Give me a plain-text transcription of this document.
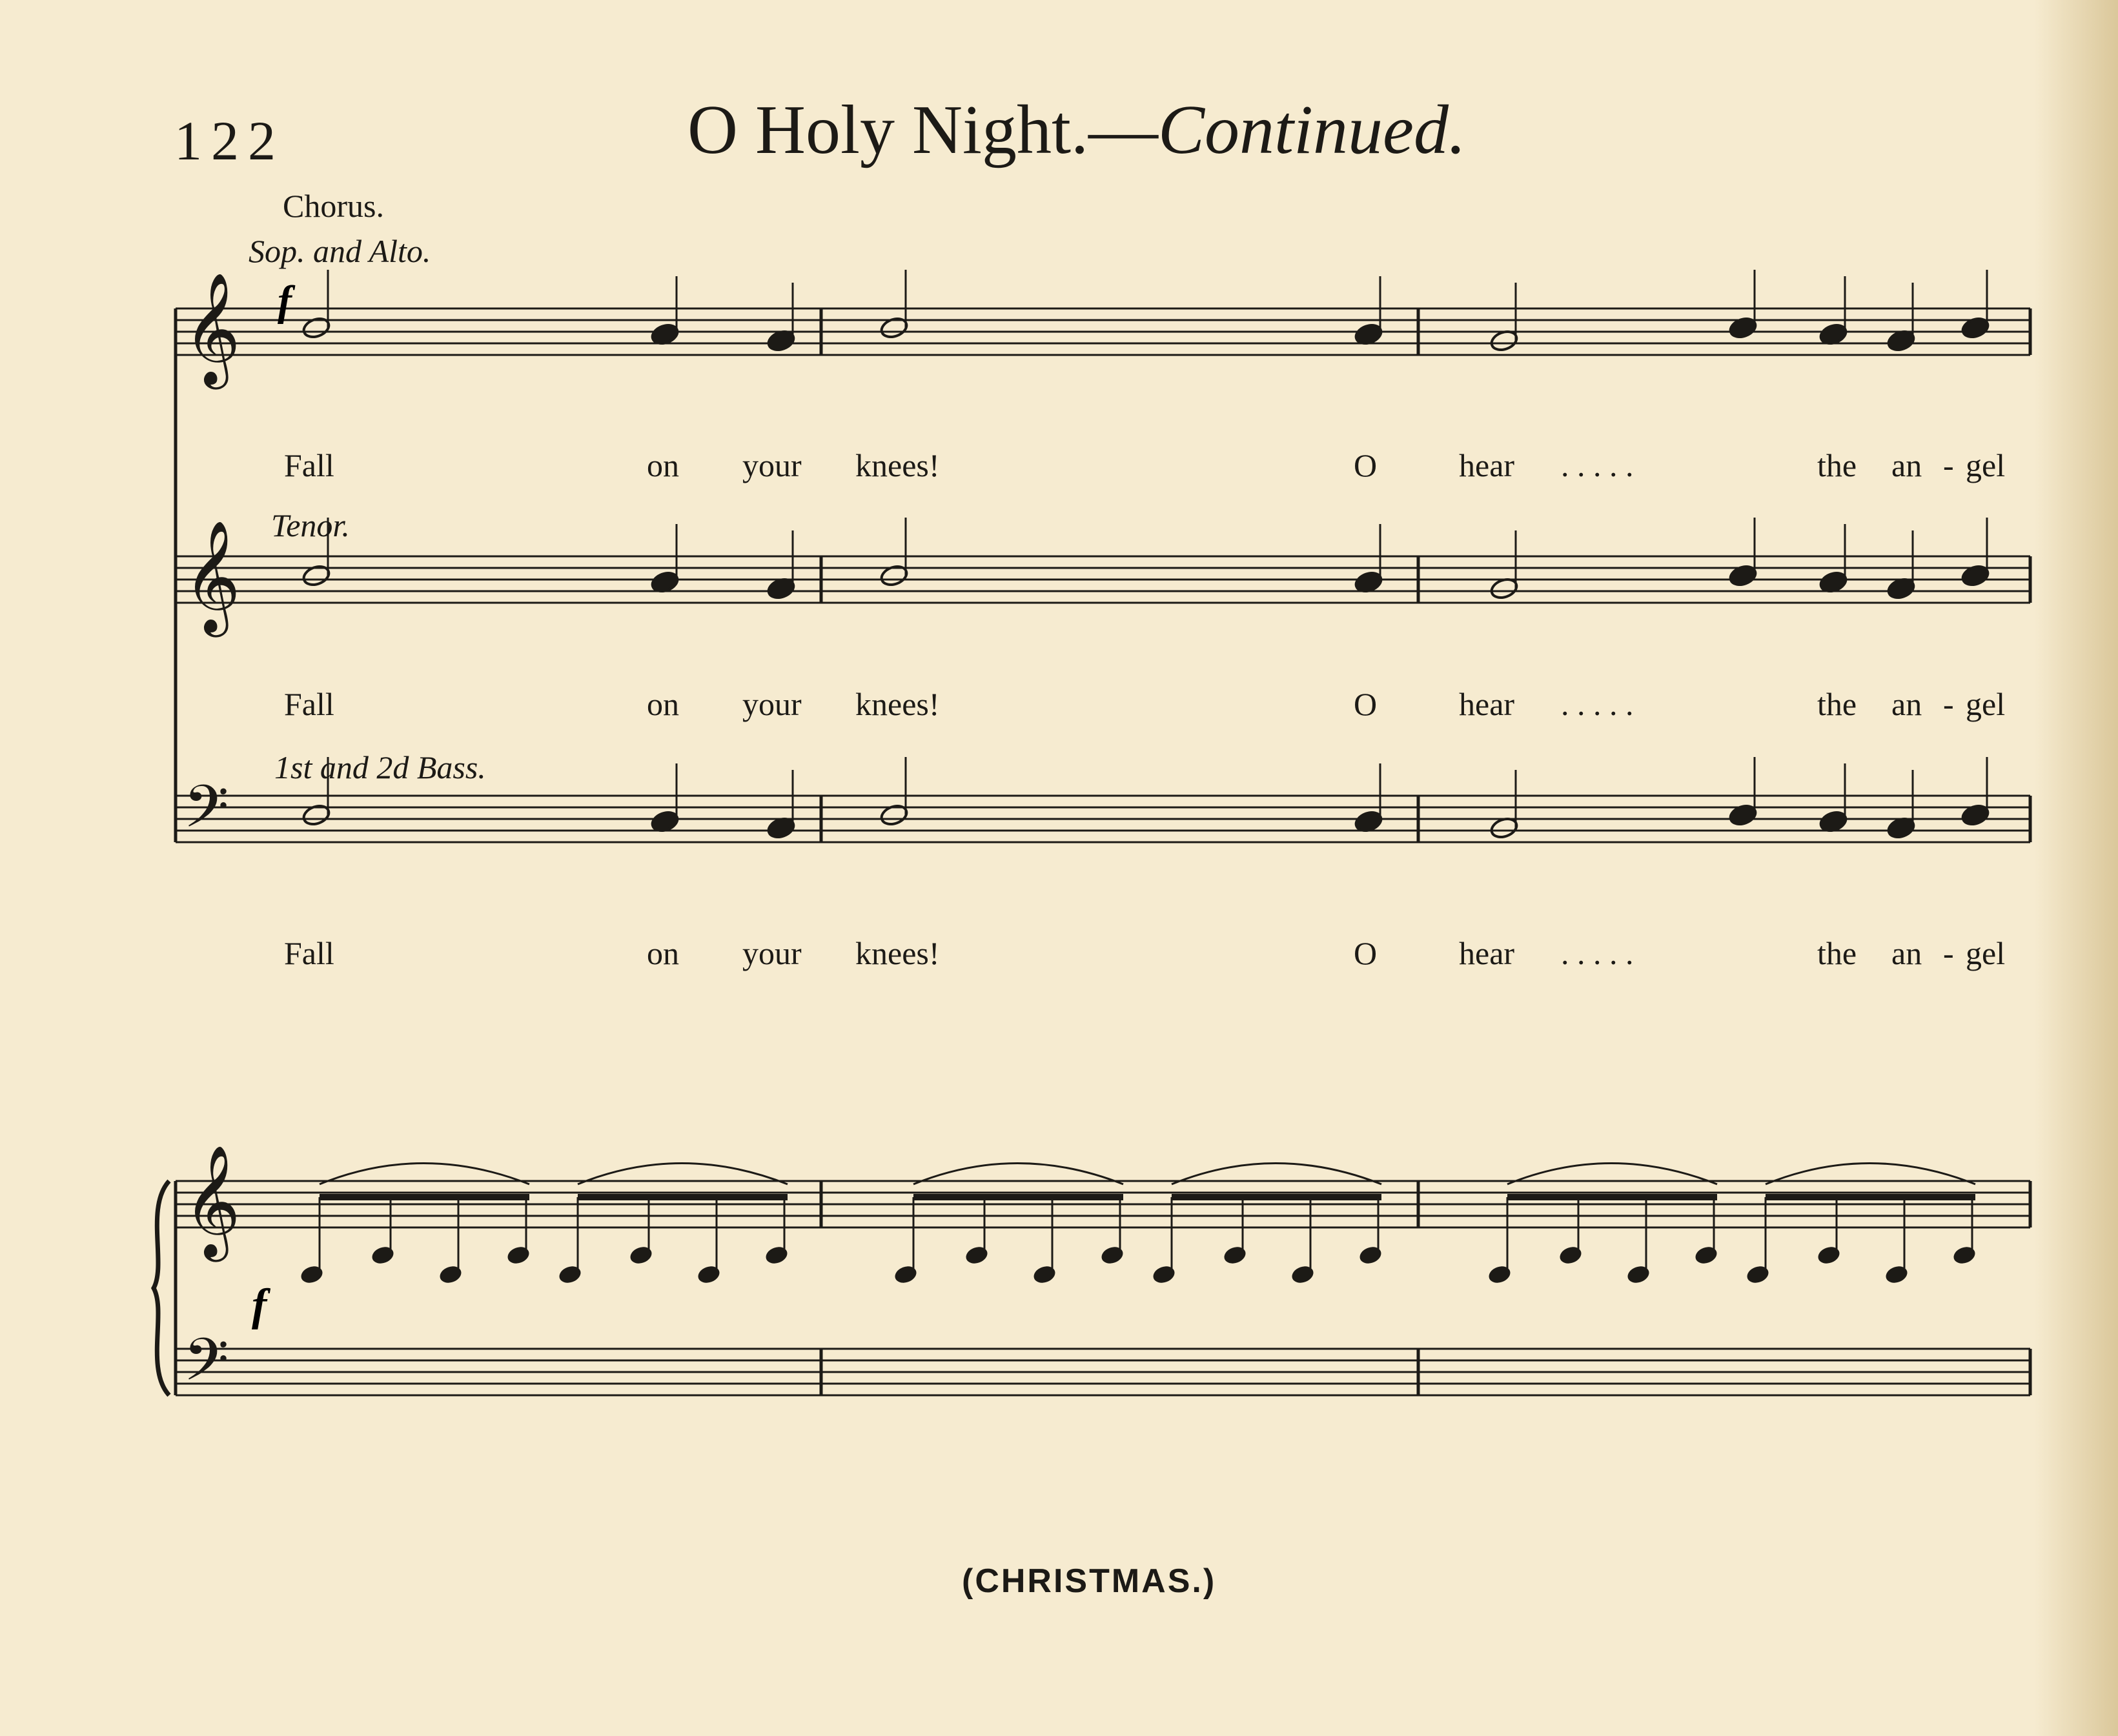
122	O Holy Night.—Continued.
Chorus.
Sop. and Alto.
Tenor.
1st and 2d Bass.
Fall	on your knees!	O	hear . . . . .	the an - gel
Fall	on your knees!	O	hear . . . . .	the an - gel
Fall	on your knees!	O	hear . . . . .	the an - gel
𝄞
𝄞
𝄢
𝄞
𝄢
f
f
(CHRISTMAS.)
